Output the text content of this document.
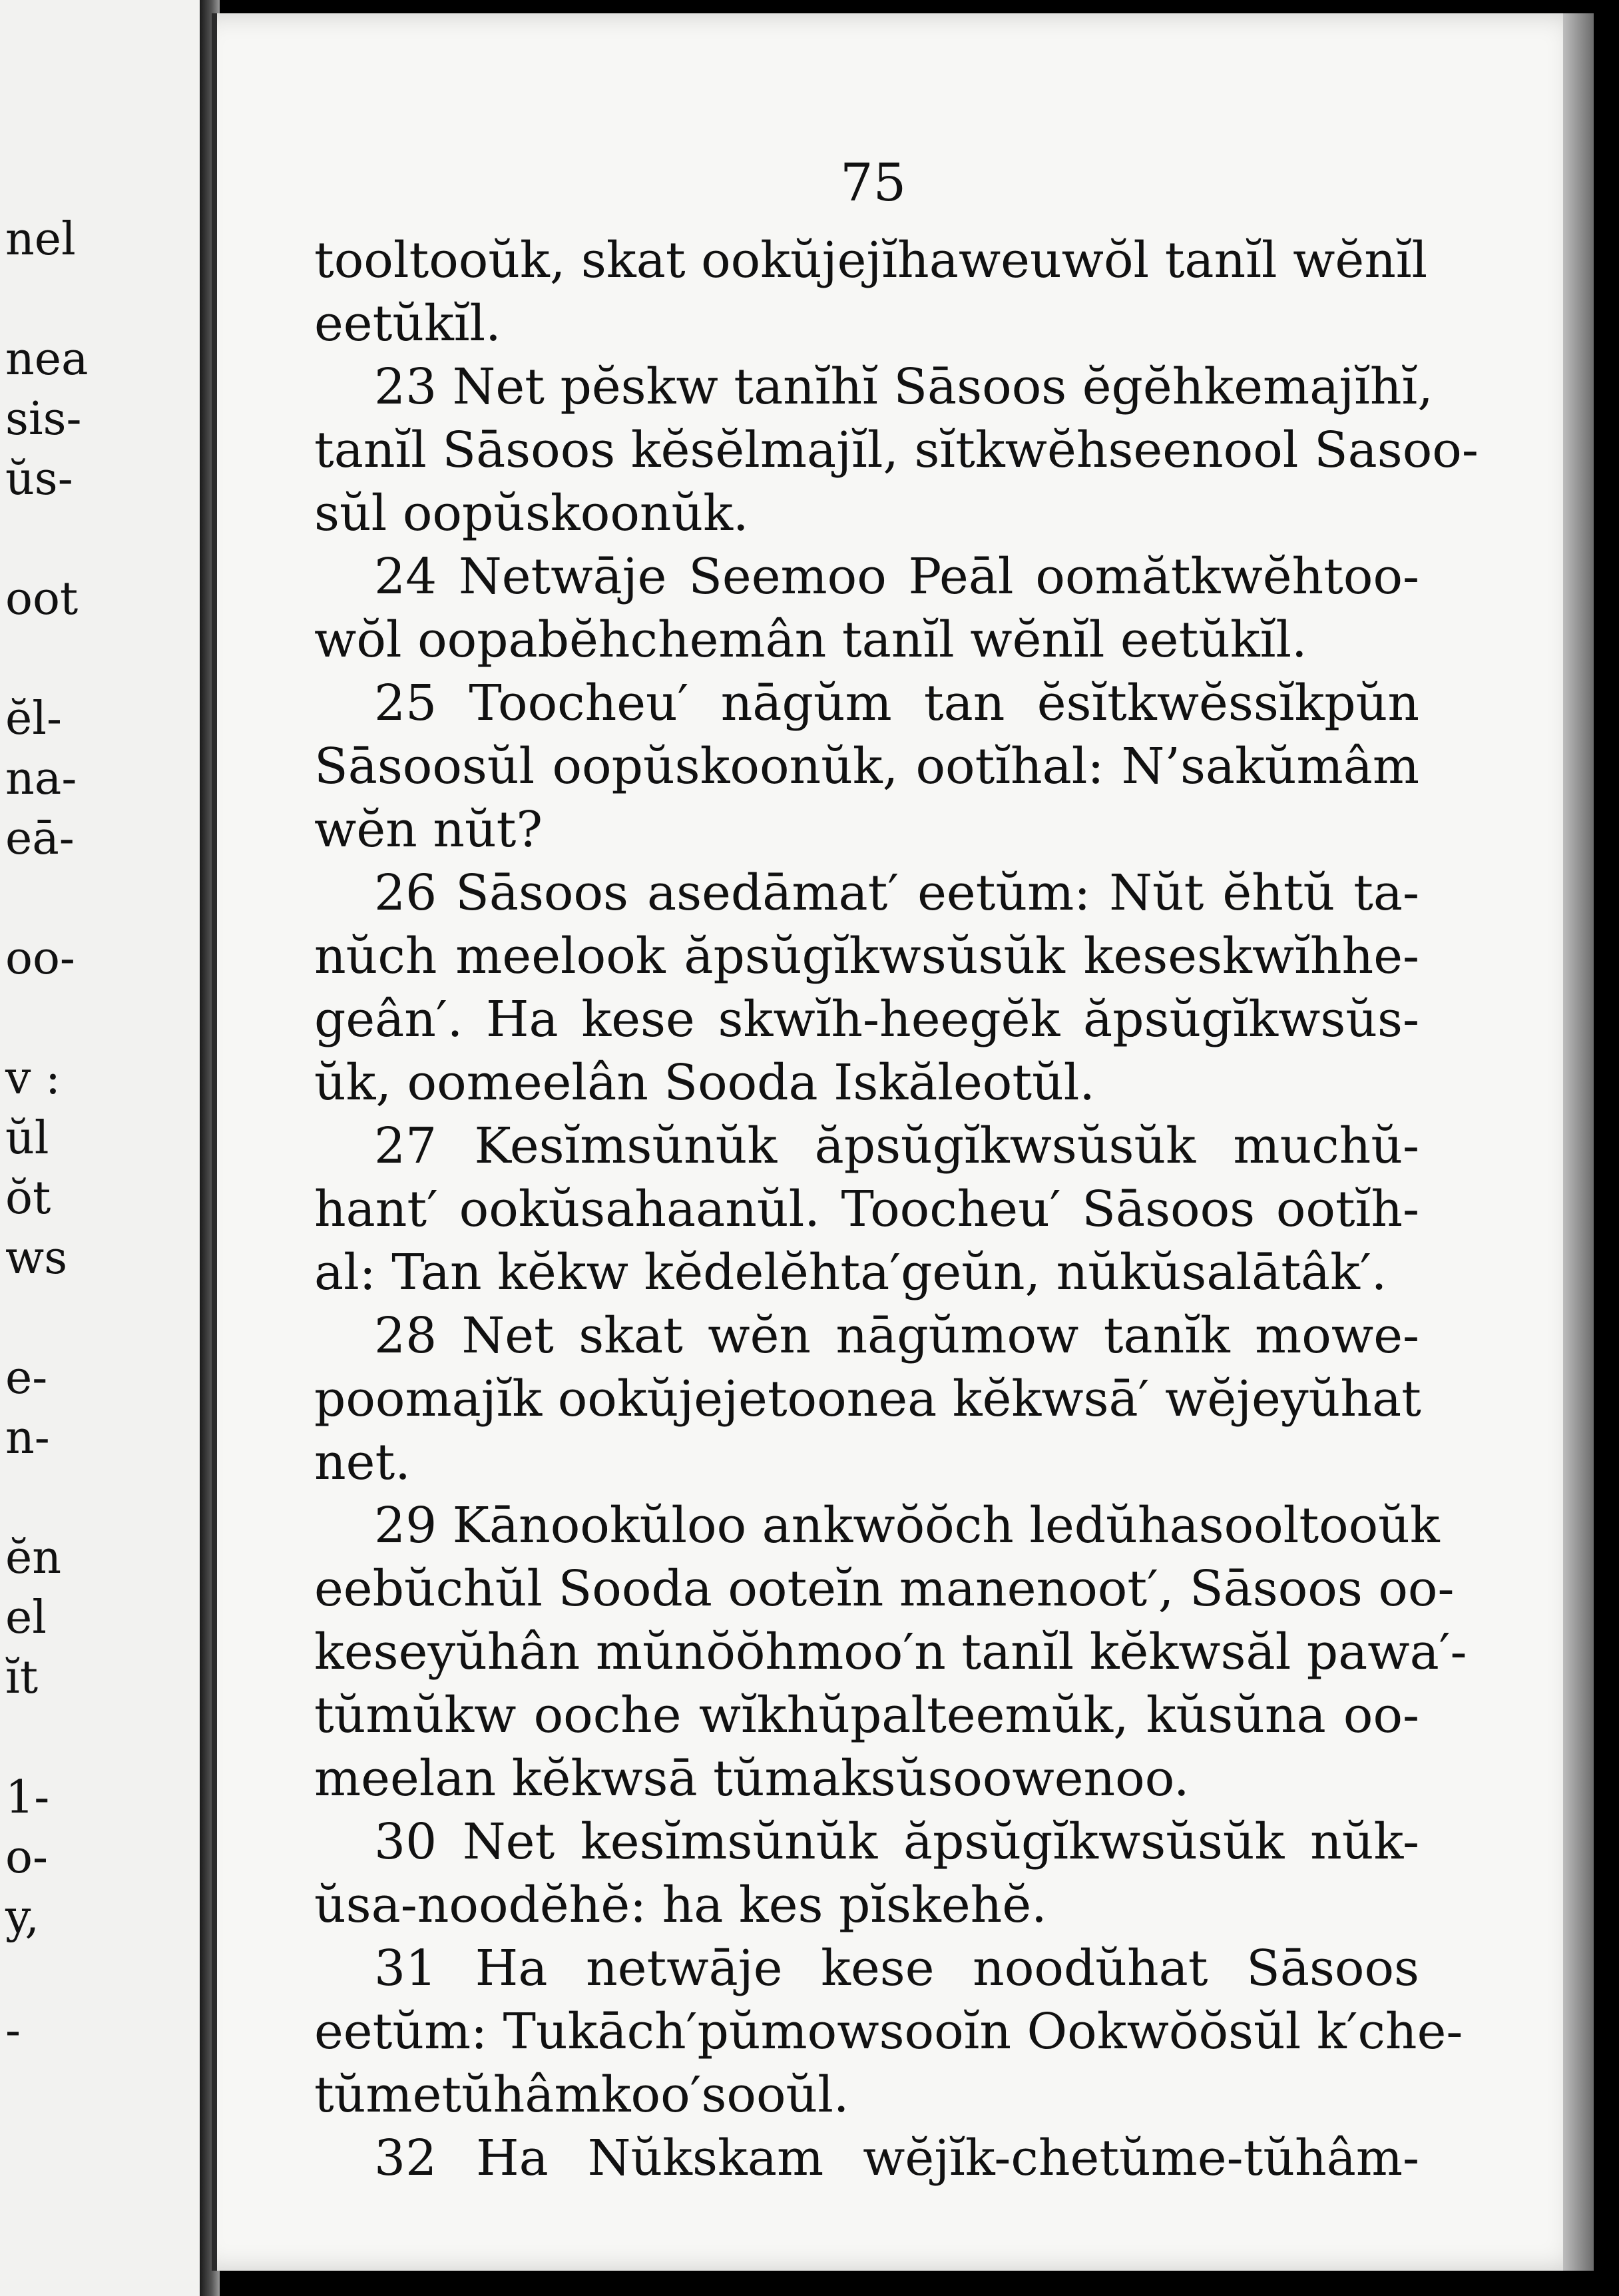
nel
nea
sis-
ŭs-
oot
ĕl-
na-
eā-
oo-
v :
ŭl
ŏt
ws
e-
n-
ĕn
el
ĭt
1-
o-
y,
-
75
tooltooŭk, skat ookŭjejĭhaweuwŏl tanĭl wĕnĭl
eetŭkĭl.
23 Net pĕskw tanĭhĭ Sāsoos ĕgĕhkemajĭhĭ,
tanĭl Sāsoos kĕsĕlmajĭl, sĭtkwĕhseenool Sasoo-
sŭl oopŭskoonŭk.
24 Netwāje Seemoo Peāl oomătkwĕhtoo-
wŏl oopabĕhchemân tanĭl wĕnĭl eetŭkĭl.
25 Toocheu′ nāgŭm tan ĕsĭtkwĕssĭkpŭn
Sāsoosŭl oopŭskoonŭk, ootĭhal: N’sakŭmâm
wĕn nŭt?
26 Sāsoos asedāmat′ eetŭm: Nŭt ĕhtŭ ta-
nŭch meelook ăpsŭgĭkwsŭsŭk keseskwĭhhe-
geân′. Ha kese skwĭh-heegĕk ăpsŭgĭkwsŭs-
ŭk, oomeelân Sooda Iskăleotŭl.
27 Kesĭmsŭnŭk ăpsŭgĭkwsŭsŭk muchŭ-
hant′ ookŭsahaanŭl. Toocheu′ Sāsoos ootĭh-
al: Tan kĕkw kĕdelĕhta′geŭn, nŭkŭsalātâk′.
28 Net skat wĕn nāgŭmow tanĭk mowe-
poomajĭk ookŭjejetoonea kĕkwsā′ wĕjeyŭhat
net.
29 Kānookŭloo ankwŏŏch ledŭhasooltooŭk
eebŭchŭl Sooda ooteĭn manenoot′, Sāsoos oo-
keseyŭhân mŭnŏŏhmoo′n tanĭl kĕkwsăl pawa′-
tŭmŭkw ooche wĭkhŭpalteemŭk, kŭsŭna oo-
meelan kĕkwsā tŭmaksŭsoowenoo.
30 Net kesĭmsŭnŭk ăpsŭgĭkwsŭsŭk nŭk-
ŭsa-noodĕhĕ: ha kes pĭskehĕ.
31 Ha netwāje kese noodŭhat Sāsoos
eetŭm: Tukāch′pŭmowsooĭn Ookwŏŏsŭl k′che-
tŭmetŭhâmkoo′sooŭl.
32 Ha Nŭkskam wĕjĭk-chetŭme-tŭhâm-
